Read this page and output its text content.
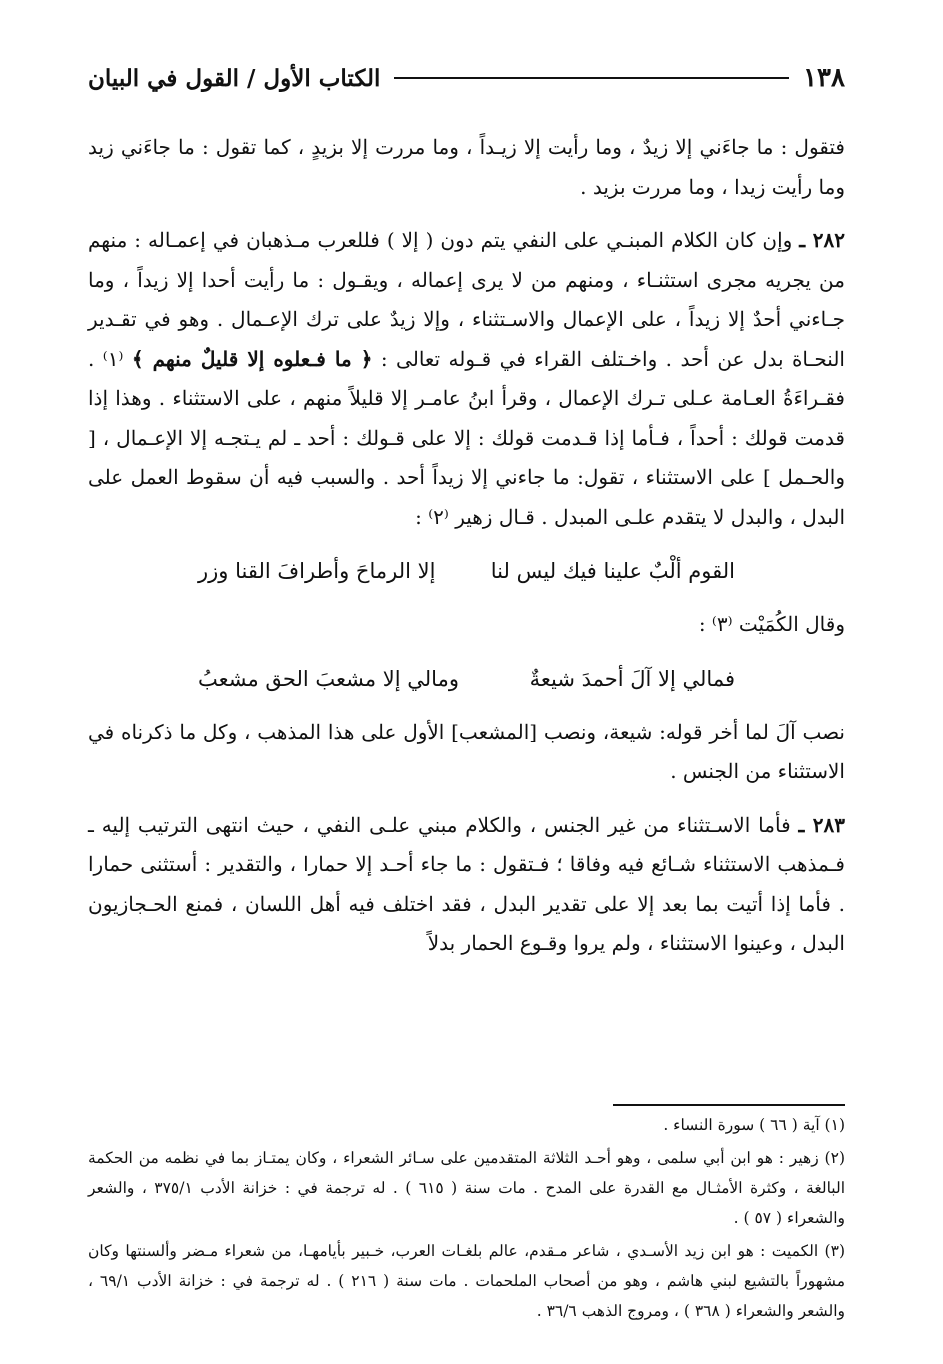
١٣٨
الكتاب الأول / القول في البيان

فتقول : ما جاءَني إلا زيدٌ ، وما رأيت إلا زيـداً ، وما مررت إلا بزيدٍ ، كما تقول : ما جاءَني زيد وما رأيت زيدا ، وما مررت بزيد .

٢٨٢ ـ وإن كان الكلام المبنـي على النفي يتم دون ( إلا ) فللعرب مـذهبان في إعمـاله : منهم من يجريه مجرى استثنـاء ، ومنهم من لا يرى إعماله ، ويقـول : ما رأيت أحدا إلا زيداً ، وما جـاءني أحدٌ إلا زيداً ، على الإعمال والاسـتثناء ، وإلا زيدٌ على ترك الإعـمال . وهو في تقـدير النحـاة بدل عن أحد . واخـتلف القراء في قـوله تعالى : ﴿ ما فـعلوه إلا قليلٌ منهم ﴾ ⁽١⁾ . فقـراءَةُ العـامة عـلى تـرك الإعمال ، وقرأ ابنُ عامـر إلا قليلاً منهم ، على الاستثناء . وهذا إذا قدمت قولك : أحداً ، فـأما إذا قـدمت قولك : إلا على قـولك : أحد ـ لم يـتجـه إلا الإعـمال ، [ والحـمل ] على الاستثناء ، تقول: ما جاءني إلا زيداً أحد . والسبب فيه أن سقوط العمل على البدل ، والبدل لا يتقدم علـى المبدل . قـال زهير ⁽٢⁾ :

القوم ألْبٌ علينا فيك ليس لنا
إلا الرماحَ وأطرافَ القنا وزر
وقال الكُمَيْت ⁽٣⁾ :
فمالي إلا آلَ أحمدَ شيعةٌ
ومالي إلا مشعبَ الحق مشعبُ

نصب آلَ لما أخر قوله: شيعة، ونصب [المشعب] الأول على هذا المذهب ، وكل ما ذكرناه في الاستثناء من الجنس .

٢٨٣ ـ فأما الاسـتثناء من غير الجنس ، والكلام مبني علـى النفي ، حيث انتهى الترتيب إليه ـ فـمذهب الاستثناء شـائع فيه وفاقا ؛ فـتقول : ما جاء أحـد إلا حمارا ، والتقدير : أستثنى حمارا . فأما إذا أتيت بما بعد إلا على تقدير البدل ، فقد اختلف فيه أهل اللسان ، فمنع الحـجازيون البدل ، وعينوا الاستثناء ، ولم يروا وقـوع الحمار بدلاً

(١) آية ( ٦٦ ) سورة النساء .

(٢) زهير : هو ابن أبي سلمى ، وهو أحـد الثلاثة المتقدمين على سـائر الشعراء ، وكان يمتـاز بما في نظمه من الحكمة البالغة ، وكثرة الأمثـال مع القدرة على المدح . مات سنة ( ٦١٥ ) . له ترجمة في : خزانة الأدب ٣٧٥/١ ، والشعر والشعراء ( ٥٧ ) .

(٣) الكميت : هو ابن زيد الأسـدي ، شاعر مـقدم، عالم بلغـات العرب، خـبير بأيامهـا، من شعراء مـضر وألسنتها وكان مشهوراً بالتشيع لبني هاشم ، وهو من أصحاب الملحمات . مات سنة ( ٢١٦ ) . له ترجمة في : خزانة الأدب ٦٩/١ ، والشعر والشعراء ( ٣٦٨ ) ، ومروج الذهب ٣٦/٦ .
